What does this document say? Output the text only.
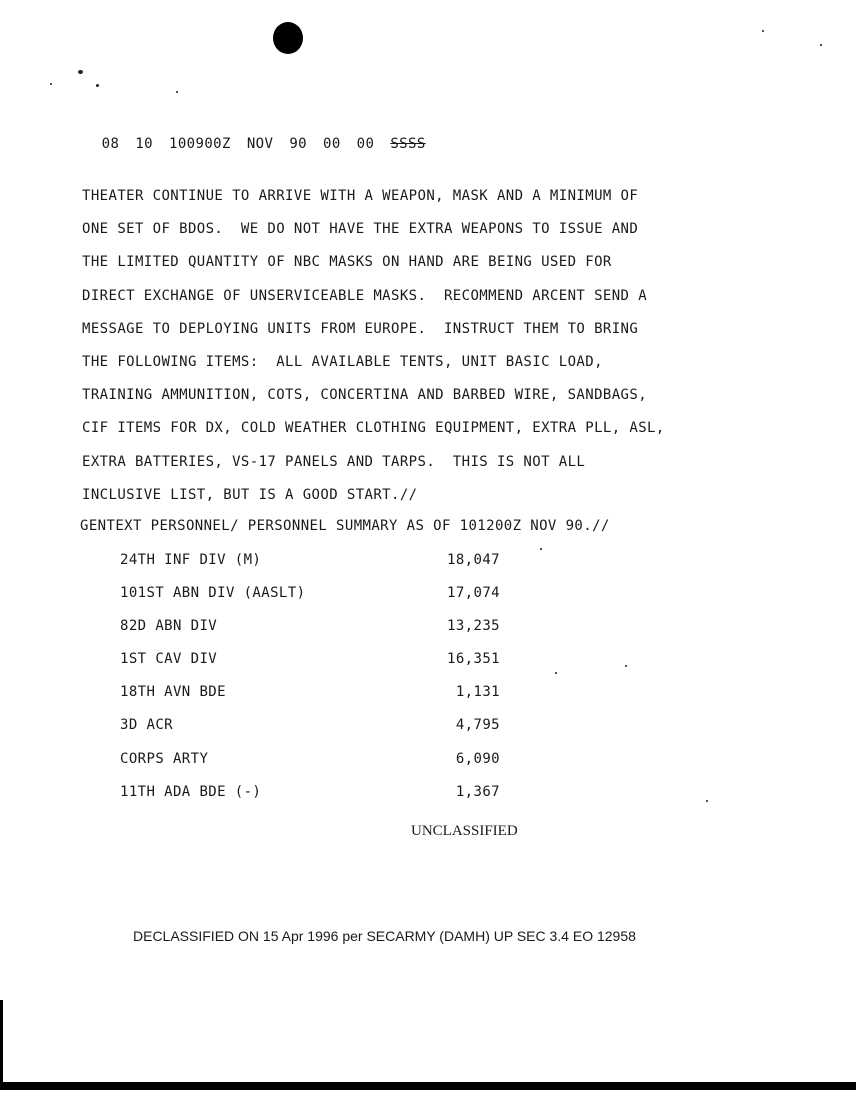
08 10 100900Z NOV 90 00 00 SSSS

THEATER CONTINUE TO ARRIVE WITH A WEAPON, MASK AND A MINIMUM OF
ONE SET OF BDOS.  WE DO NOT HAVE THE EXTRA WEAPONS TO ISSUE AND
THE LIMITED QUANTITY OF NBC MASKS ON HAND ARE BEING USED FOR
DIRECT EXCHANGE OF UNSERVICEABLE MASKS.  RECOMMEND ARCENT SEND A
MESSAGE TO DEPLOYING UNITS FROM EUROPE.  INSTRUCT THEM TO BRING
THE FOLLOWING ITEMS:  ALL AVAILABLE TENTS, UNIT BASIC LOAD,
TRAINING AMMUNITION, COTS, CONCERTINA AND BARBED WIRE, SANDBAGS,
CIF ITEMS FOR DX, COLD WEATHER CLOTHING EQUIPMENT, EXTRA PLL, ASL,
EXTRA BATTERIES, VS-17 PANELS AND TARPS.  THIS IS NOT ALL
INCLUSIVE LIST, BUT IS A GOOD START.//
GENTEXT PERSONNEL/ PERSONNEL SUMMARY AS OF 101200Z NOV 90.//
24TH INF DIV (M)	18,047
101ST ABN DIV (AASLT)	17,074
82D ABN DIV	13,235
1ST CAV DIV	16,351
18TH AVN BDE	1,131
3D ACR	4,795
CORPS ARTY	6,090
11TH ADA BDE (-)	1,367
UNCLASSIFIED
DECLASSIFIED ON 15 Apr 1996 per SECARMY (DAMH) UP SEC 3.4 EO 12958
